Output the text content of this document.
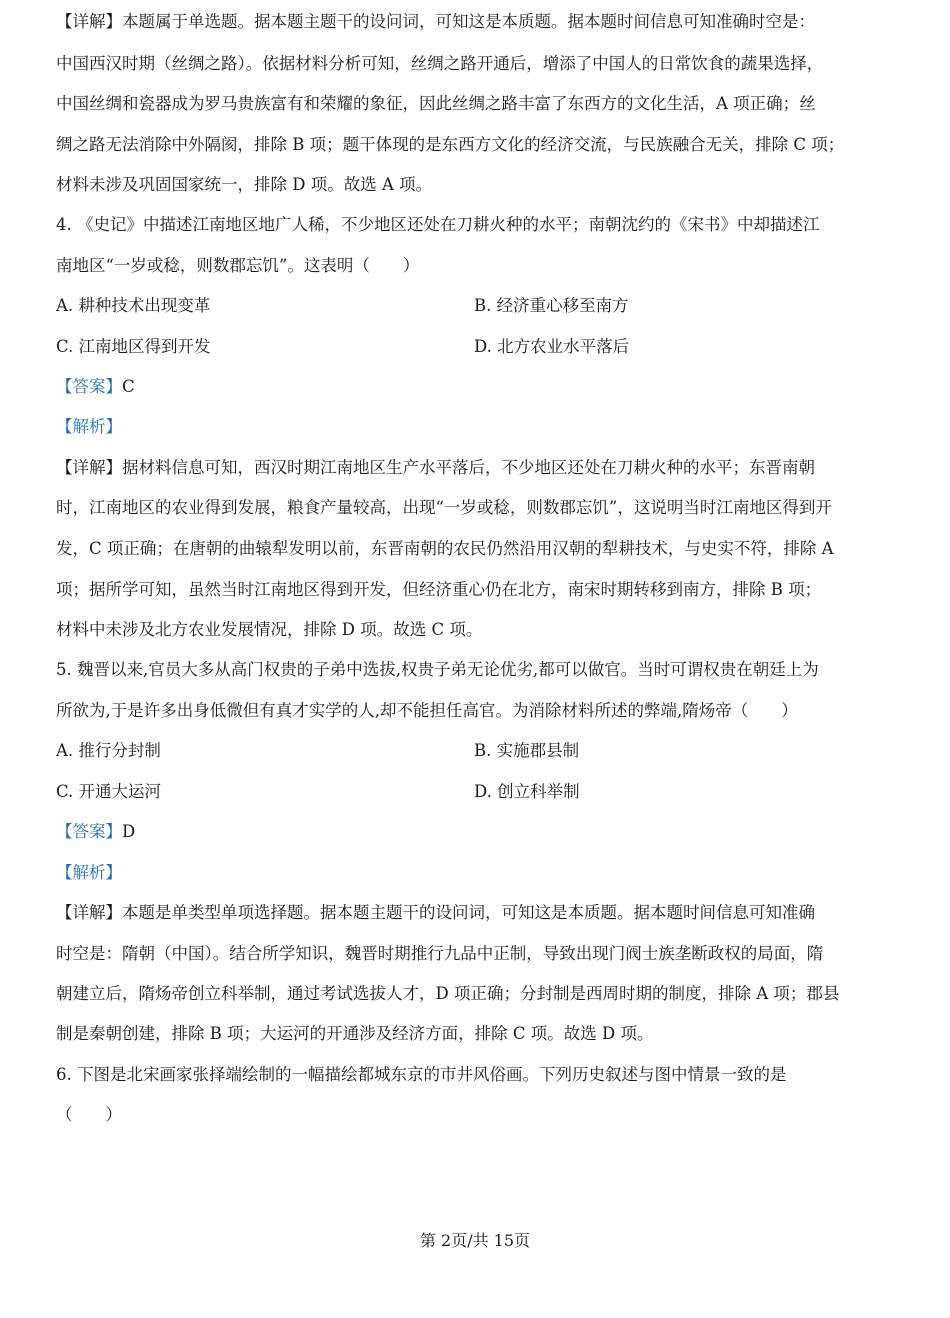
【详解】本题属于单选题。据本题主题干的设问词，可知这是本质题。据本题时间信息可知准确时空是：
中国西汉时期（丝绸之路）。依据材料分析可知，丝绸之路开通后，增添了中国人的日常饮食的蔬果选择，
中国丝绸和瓷器成为罗马贵族富有和荣耀的象征，因此丝绸之路丰富了东西方的文化生活，A 项正确；丝
绸之路无法消除中外隔阂，排除 B 项；题干体现的是东西方文化的经济交流，与民族融合无关，排除 C 项；
材料未涉及巩固国家统一，排除 D 项。故选 A 项。
4. 《史记》中描述江南地区地广人稀，不少地区还处在刀耕火种的水平；南朝沈约的《宋书》中却描述江
南地区“一岁或稔，则数郡忘饥”。这表明（　　）
A. 耕种技术出现变革	B. 经济重心移至南方
C. 江南地区得到开发	D. 北方农业水平落后
【答案】C
【解析】
【详解】据材料信息可知，西汉时期江南地区生产水平落后，不少地区还处在刀耕火种的水平；东晋南朝
时，江南地区的农业得到发展，粮食产量较高，出现“一岁或稔，则数郡忘饥”，这说明当时江南地区得到开
发，C 项正确；在唐朝的曲辕犁发明以前，东晋南朝的农民仍然沿用汉朝的犁耕技术，与史实不符，排除 A
项；据所学可知，虽然当时江南地区得到开发，但经济重心仍在北方，南宋时期转移到南方，排除 B 项；
材料中未涉及北方农业发展情况，排除 D 项。故选 C 项。
5. 魏晋以来,官员大多从高门权贵的子弟中选拔,权贵子弟无论优劣,都可以做官。当时可谓权贵在朝廷上为
所欲为,于是许多出身低微但有真才实学的人,却不能担任高官。为消除材料所述的弊端,隋炀帝（　　）
A. 推行分封制	B. 实施郡县制
C. 开通大运河	D. 创立科举制
【答案】D
【解析】
【详解】本题是单类型单项选择题。据本题主题干的设问词，可知这是本质题。据本题时间信息可知准确
时空是：隋朝（中国）。结合所学知识，魏晋时期推行九品中正制，导致出现门阀士族垄断政权的局面，隋
朝建立后，隋炀帝创立科举制，通过考试选拔人才，D 项正确；分封制是西周时期的制度，排除 A 项；郡县
制是秦朝创建，排除 B 项；大运河的开通涉及经济方面，排除 C 项。故选 D 项。
6. 下图是北宋画家张择端绘制的一幅描绘都城东京的市井风俗画。下列历史叙述与图中情景一致的是
（　　）
第 2页/共 15页
